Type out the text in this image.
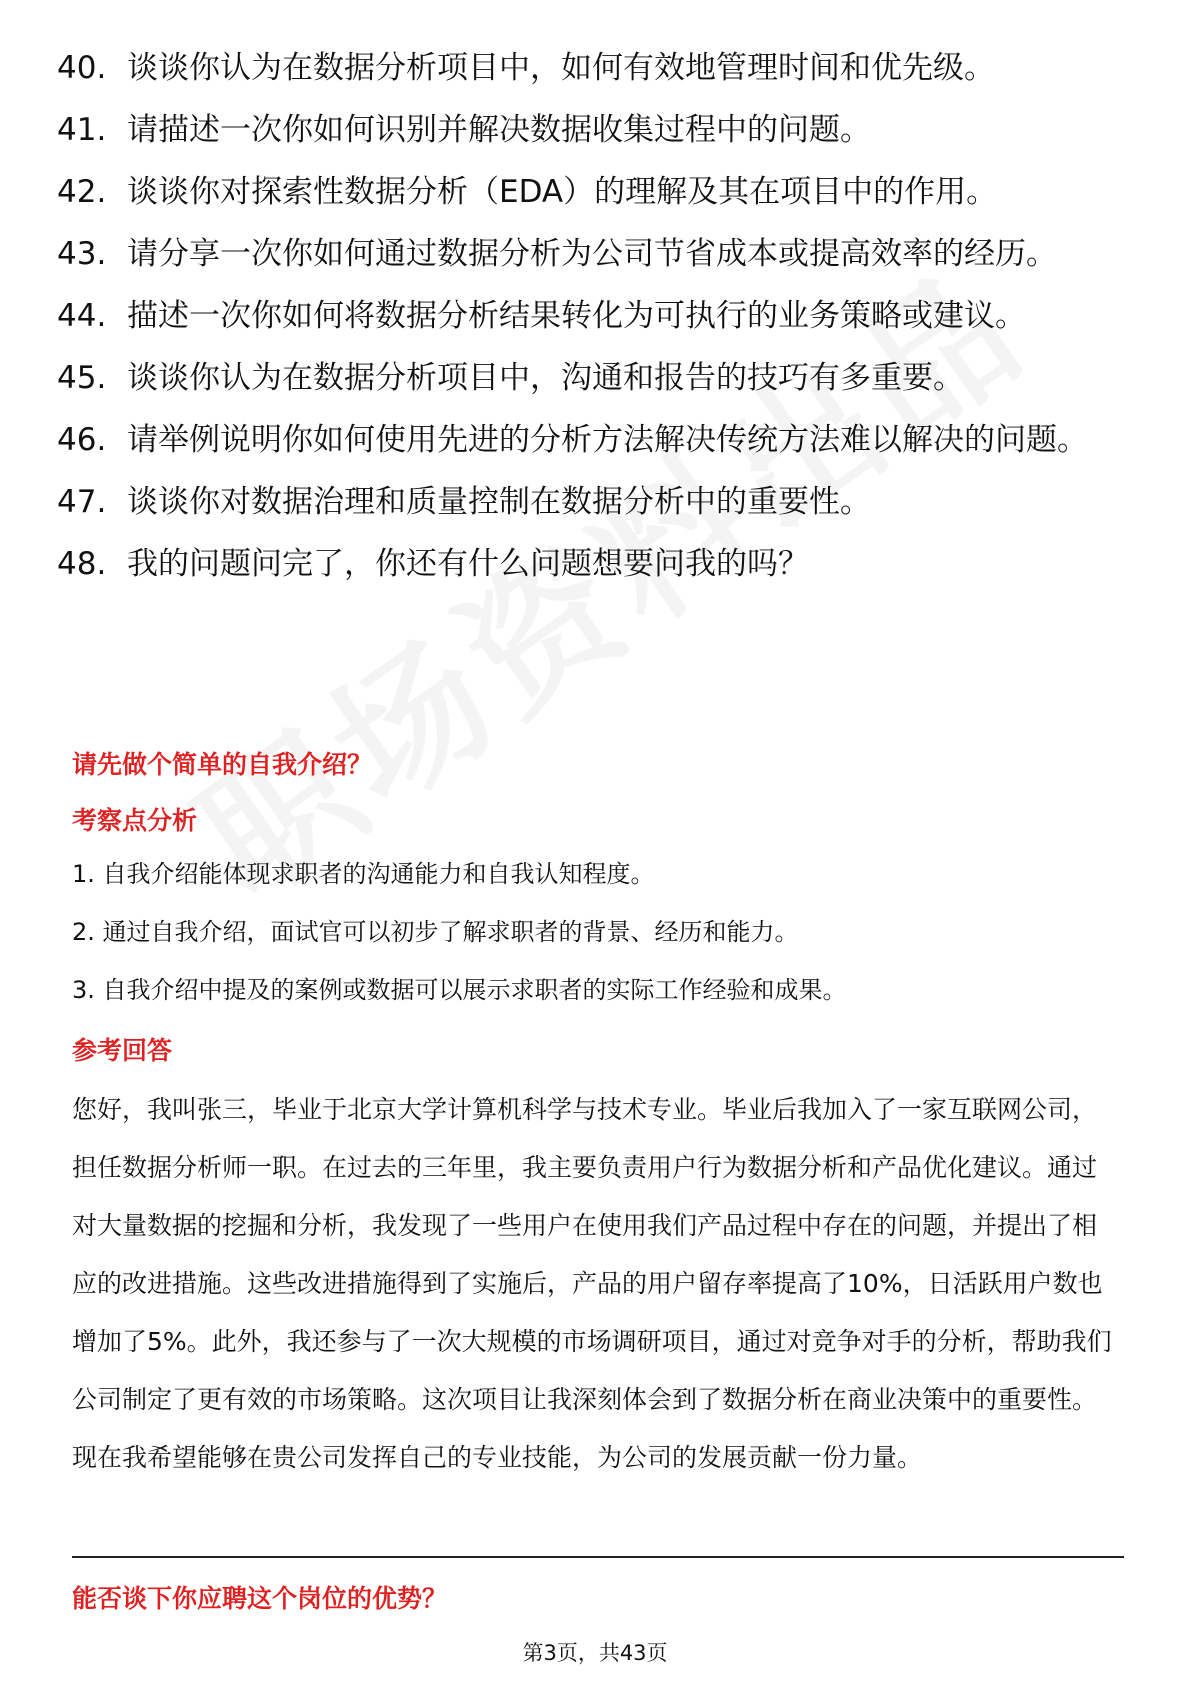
40. 谈谈你认为在数据分析项目中，如何有效地管理时间和优先级。
41. 请描述一次你如何识别并解决数据收集过程中的问题。
42. 谈谈你对探索性数据分析（EDA）的理解及其在项目中的作用。
43. 请分享一次你如何通过数据分析为公司节省成本或提高效率的经历。
44. 描述一次你如何将数据分析结果转化为可执行的业务策略或建议。
45. 谈谈你认为在数据分析项目中，沟通和报告的技巧有多重要。
46. 请举例说明你如何使用先进的分析方法解决传统方法难以解决的问题。
47. 谈谈你对数据治理和质量控制在数据分析中的重要性。
48. 我的问题问完了，你还有什么问题想要问我的吗？
请先做个简单的自我介绍？
考察点分析
1. 自我介绍能体现求职者的沟通能力和自我认知程度。
2. 通过自我介绍，面试官可以初步了解求职者的背景、经历和能力。
3. 自我介绍中提及的案例或数据可以展示求职者的实际工作经验和成果。
参考回答
您好，我叫张三，毕业于北京大学计算机科学与技术专业。毕业后我加入了一家互联网公司，担任数据分析师一职。在过去的三年里，我主要负责用户行为数据分析和产品优化建议。通过对大量数据的挖掘和分析，我发现了一些用户在使用我们产品过程中存在的问题，并提出了相应的改进措施。这些改进措施得到了实施后，产品的用户留存率提高了10%，日活跃用户数也增加了5%。此外，我还参与了一次大规模的市场调研项目，通过对竞争对手的分析，帮助我们公司制定了更有效的市场策略。这次项目让我深刻体会到了数据分析在商业决策中的重要性。现在我希望能够在贵公司发挥自己的专业技能，为公司的发展贡献一份力量。
能否谈下你应聘这个岗位的优势？
第3页，共43页
